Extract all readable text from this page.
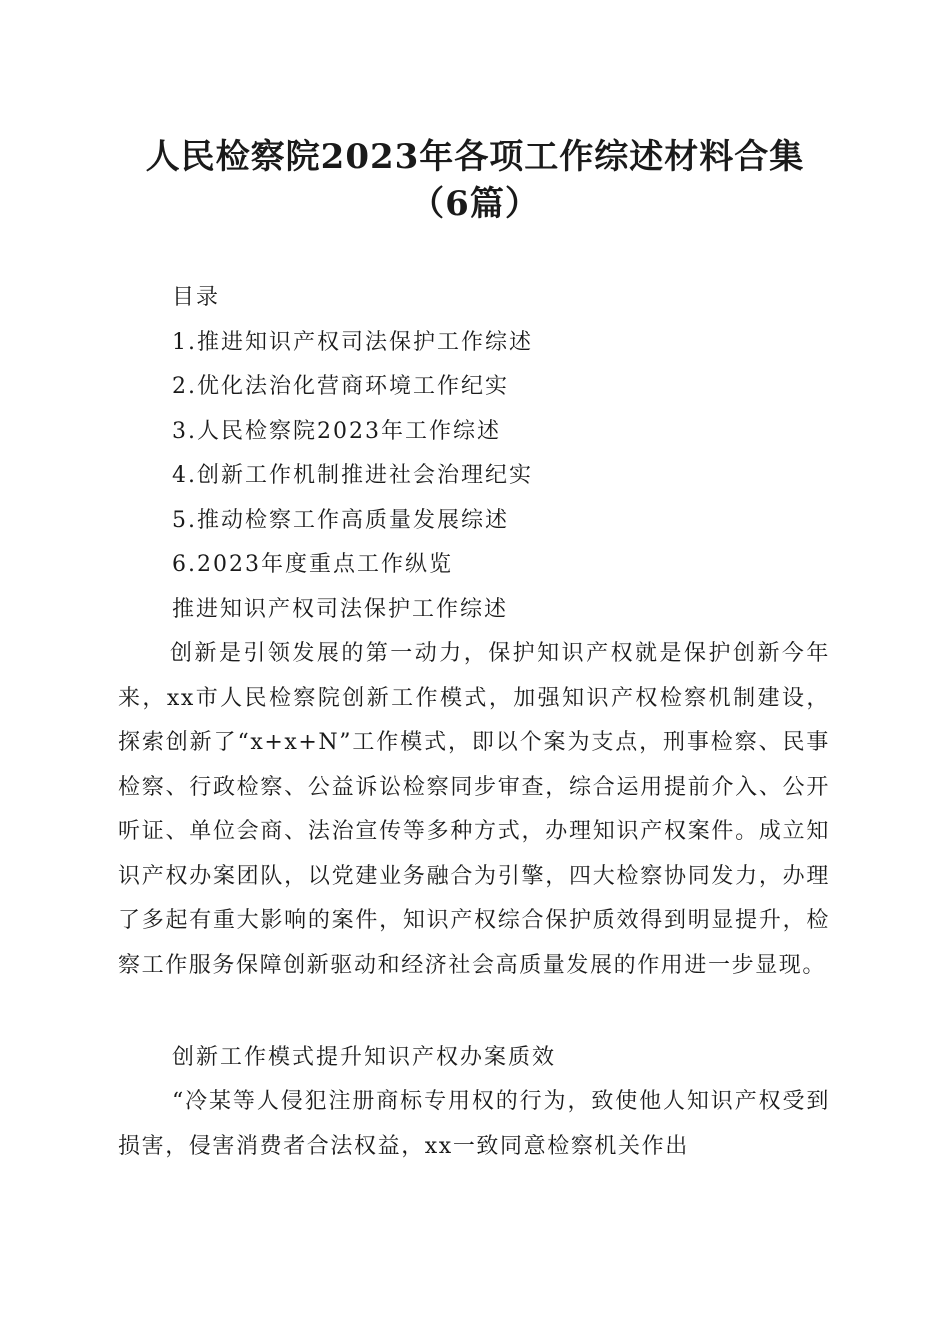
人民检察院2023年各项工作综述材料合集（6篇）
目录
1.推进知识产权司法保护工作综述
2.优化法治化营商环境工作纪实
3.人民检察院2023年工作综述
4.创新工作机制推进社会治理纪实
5.推动检察工作高质量发展综述
6.2023年度重点工作纵览

推进知识产权司法保护工作综述

创新是引领发展的第一动力，保护知识产权就是保护创新今年来，xx市人民检察院创新工作模式，加强知识产权检察机制建设，探索创新了“x+x+N”工作模式，即以个案为支点，刑事检察、民事检察、行政检察、公益诉讼检察同步审查，综合运用提前介入、公开听证、单位会商、法治宣传等多种方式，办理知识产权案件。成立知识产权办案团队，以党建业务融合为引擎，四大检察协同发力，办理了多起有重大影响的案件，知识产权综合保护质效得到明显提升，检察工作服务保障创新驱动和经济社会高质量发展的作用进一步显现。

创新工作模式提升知识产权办案质效

“冷某等人侵犯注册商标专用权的行为，致使他人知识产权受到损害，侵害消费者合法权益，xx一致同意检察机关作出
